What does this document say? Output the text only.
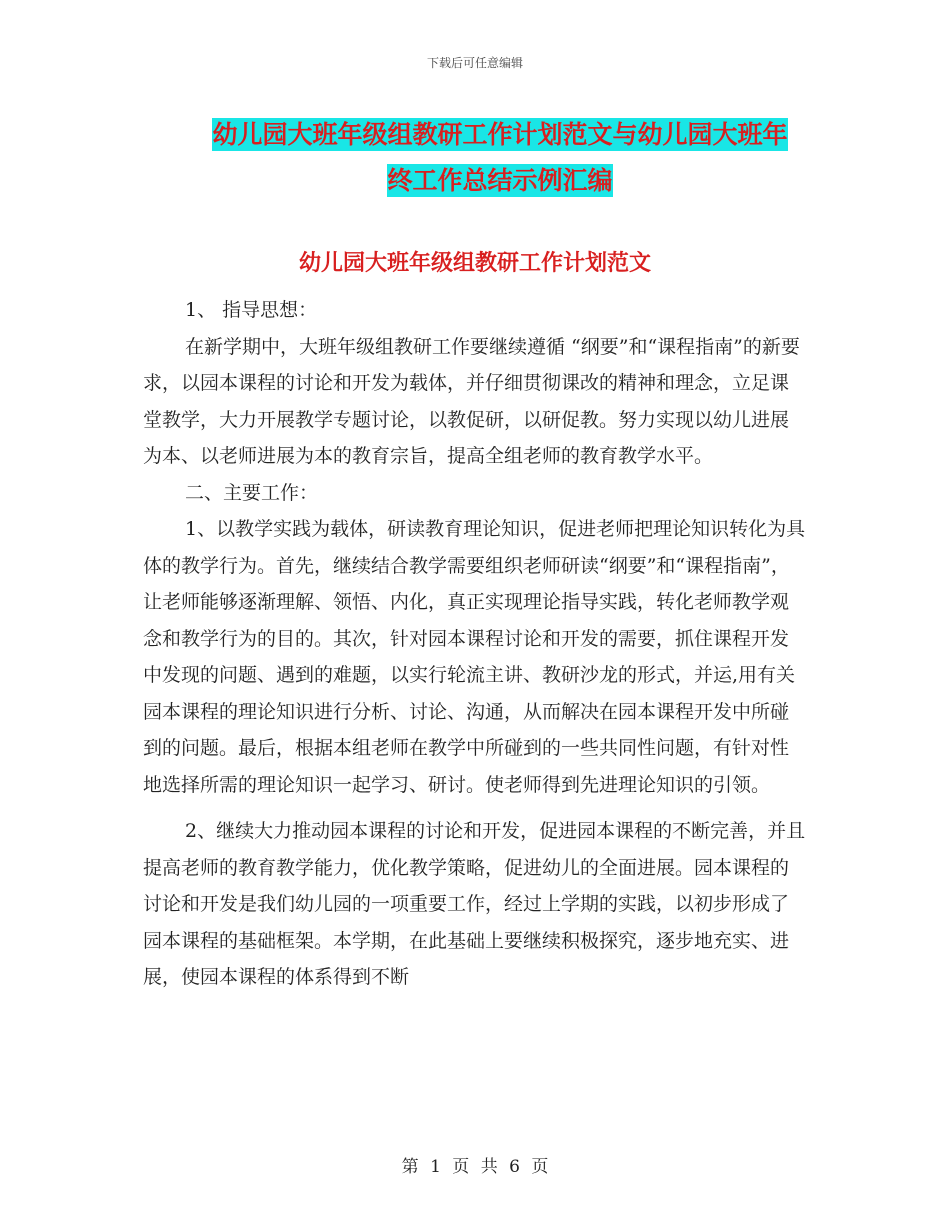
下载后可任意编辑
幼儿园大班年级组教研工作计划范文与幼儿园大班年
终工作总结示例汇编
幼儿园大班年级组教研工作计划范文

1、 指导思想：

在新学期中，大班年级组教研工作要继续遵循 “纲要”和“课程指南”的新要求，以园本课程的讨论和开发为载体，并仔细贯彻课改的精神和理念，立足课堂教学，大力开展教学专题讨论，以教促研，以研促教。努力实现以幼儿进展为本、以老师进展为本的教育宗旨，提高全组老师的教育教学水平。

二、主要工作：

1、以教学实践为载体，研读教育理论知识，促进老师把理论知识转化为具体的教学行为。首先，继续结合教学需要组织老师研读“纲要”和“课程指南”，让老师能够逐渐理解、领悟、内化，真正实现理论指导实践，转化老师教学观念和教学行为的目的。其次，针对园本课程讨论和开发的需要，抓住课程开发中发现的问题、遇到的难题，以实行轮流主讲、教研沙龙的形式，并运,用有关园本课程的理论知识进行分析、讨论、沟通，从而解决在园本课程开发中所碰到的问题。最后，根据本组老师在教学中所碰到的一些共同性问题，有针对性地选择所需的理论知识一起学习、研讨。使老师得到先进理论知识的引领。

2、继续大力推动园本课程的讨论和开发，促进园本课程的不断完善，并且提高老师的教育教学能力，优化教学策略，促进幼儿的全面进展。园本课程的讨论和开发是我们幼儿园的一项重要工作，经过上学期的实践，以初步形成了园本课程的基础框架。本学期，在此基础上要继续积极探究，逐步地充实、进展，使园本课程的体系得到不断

第 1 页 共 6 页
